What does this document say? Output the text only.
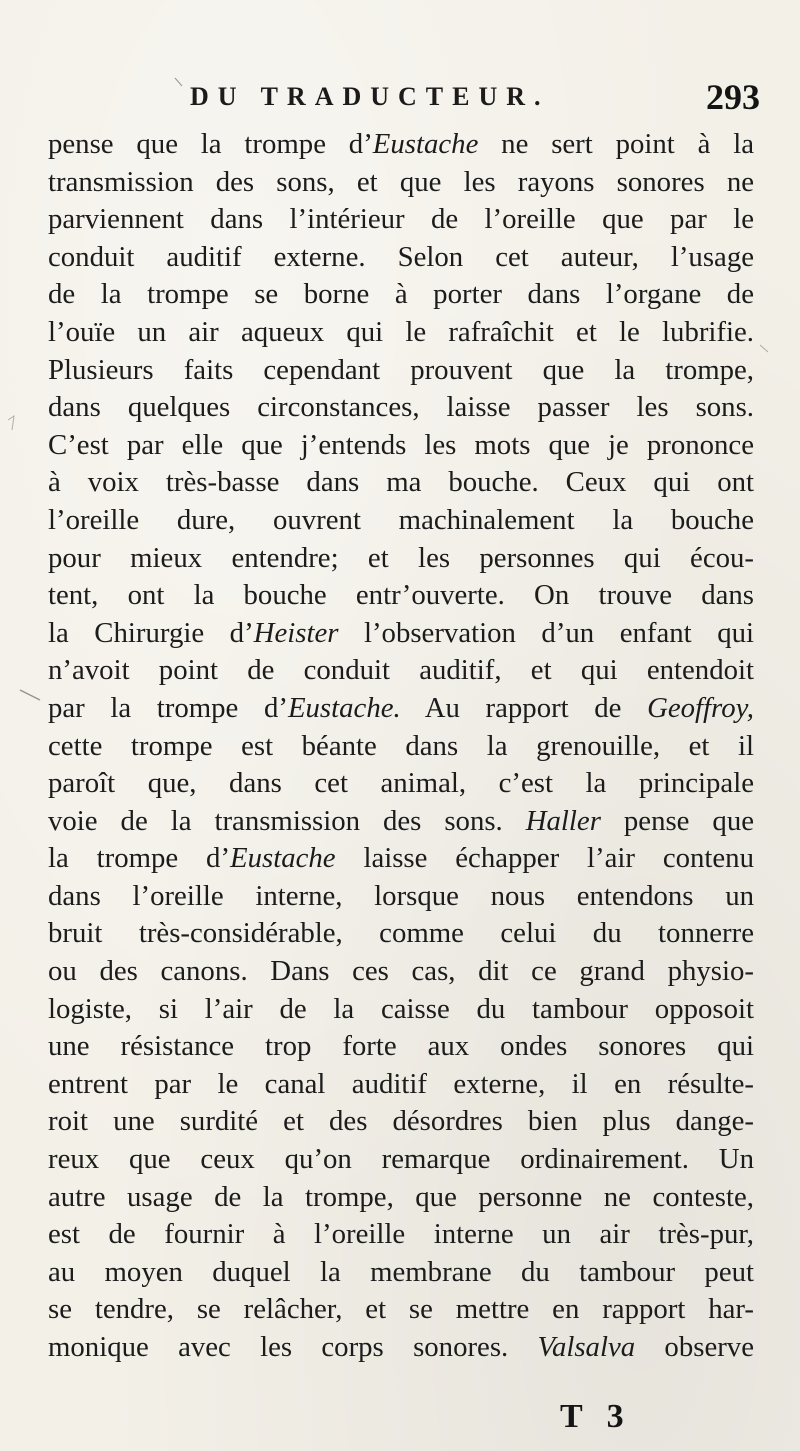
DU TRADUCTEUR.	293
pense que la trompe d’Eustache ne sert point à la
transmission des sons, et que les rayons sonores ne
parviennent dans l’intérieur de l’oreille que par le
conduit auditif externe. Selon cet auteur, l’usage
de la trompe se borne à porter dans l’organe de
l’ouïe un air aqueux qui le rafraîchit et le lubrifie.
Plusieurs faits cependant prouvent que la trompe,
dans quelques circonstances, laisse passer les sons.
C’est par elle que j’entends les mots que je prononce
à voix très-basse dans ma bouche. Ceux qui ont
l’oreille dure, ouvrent machinalement la bouche
pour mieux entendre; et les personnes qui écou-
tent, ont la bouche entr’ouverte. On trouve dans
la Chirurgie d’Heister l’observation d’un enfant qui
n’avoit point de conduit auditif, et qui entendoit
par la trompe d’Eustache. Au rapport de Geoffroy,
cette trompe est béante dans la grenouille, et il
paroît que, dans cet animal, c’est la principale
voie de la transmission des sons. Haller pense que
la trompe d’Eustache laisse échapper l’air contenu
dans l’oreille interne, lorsque nous entendons un
bruit très-considérable, comme celui du tonnerre
ou des canons. Dans ces cas, dit ce grand physio-
logiste, si l’air de la caisse du tambour opposoit
une résistance trop forte aux ondes sonores qui
entrent par le canal auditif externe, il en résulte-
roit une surdité et des désordres bien plus dange-
reux que ceux qu’on remarque ordinairement. Un
autre usage de la trompe, que personne ne conteste,
est de fournir à l’oreille interne un air très-pur,
au moyen duquel la membrane du tambour peut
se tendre, se relâcher, et se mettre en rapport har-
monique avec les corps sonores. Valsalva observe
T 3
